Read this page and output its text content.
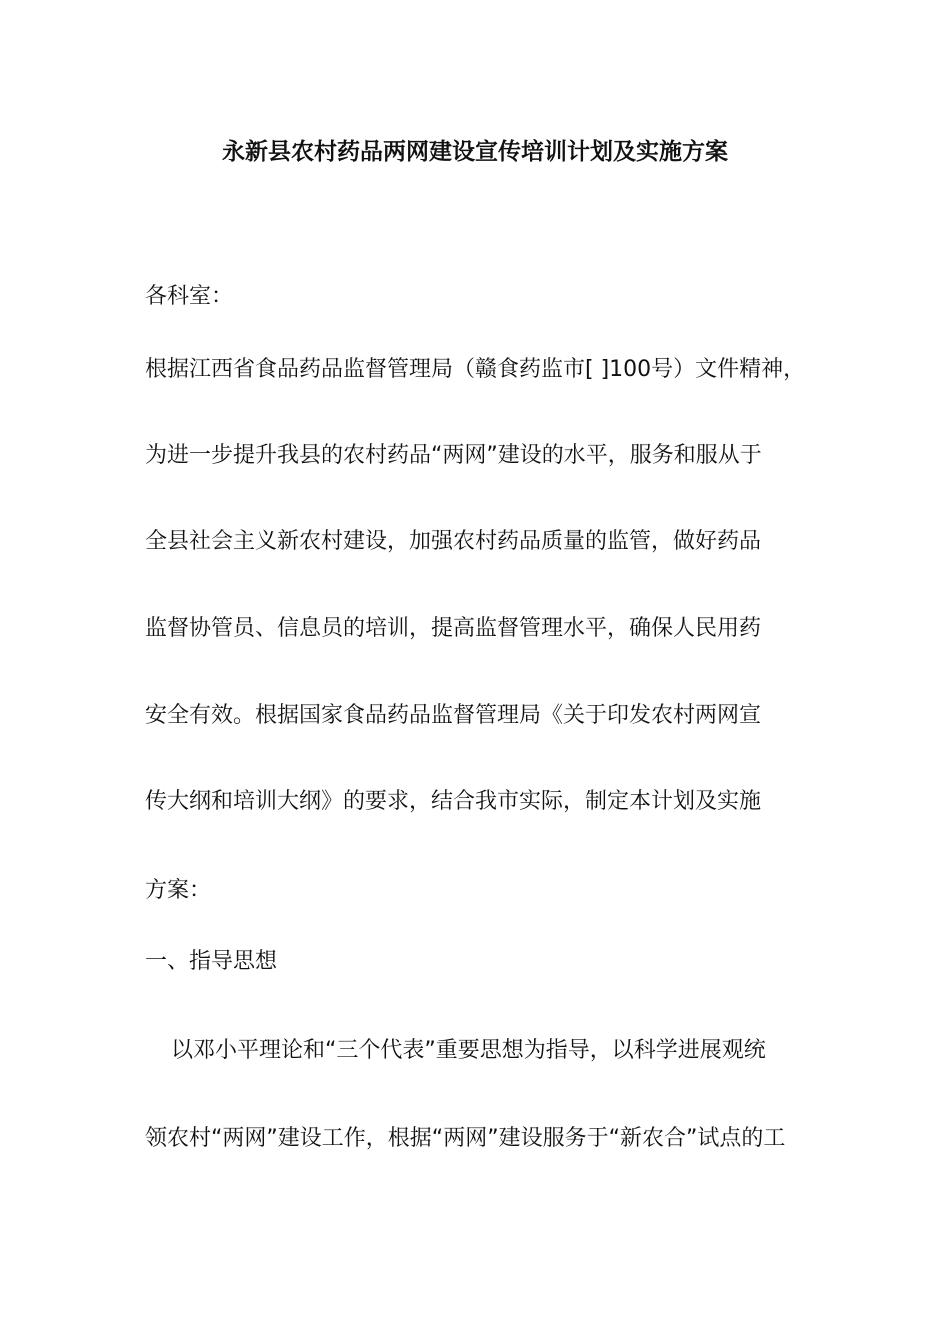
永新县农村药品两网建设宣传培训计划及实施方案
各科室：
根据江西省食品药品监督管理局（赣食药监市[ ]100号）文件精神，
为进一步提升我县的农村药品“两网”建设的水平，服务和服从于
全县社会主义新农村建设，加强农村药品质量的监管，做好药品
监督协管员、信息员的培训，提高监督管理水平，确保人民用药
安全有效。根据国家食品药品监督管理局《关于印发农村两网宣
传大纲和培训大纲》的要求，结合我市实际，制定本计划及实施
方案：
一、指导思想
以邓小平理论和“三个代表”重要思想为指导，以科学进展观统
领农村“两网”建设工作，根据“两网”建设服务于“新农合”试点的工
